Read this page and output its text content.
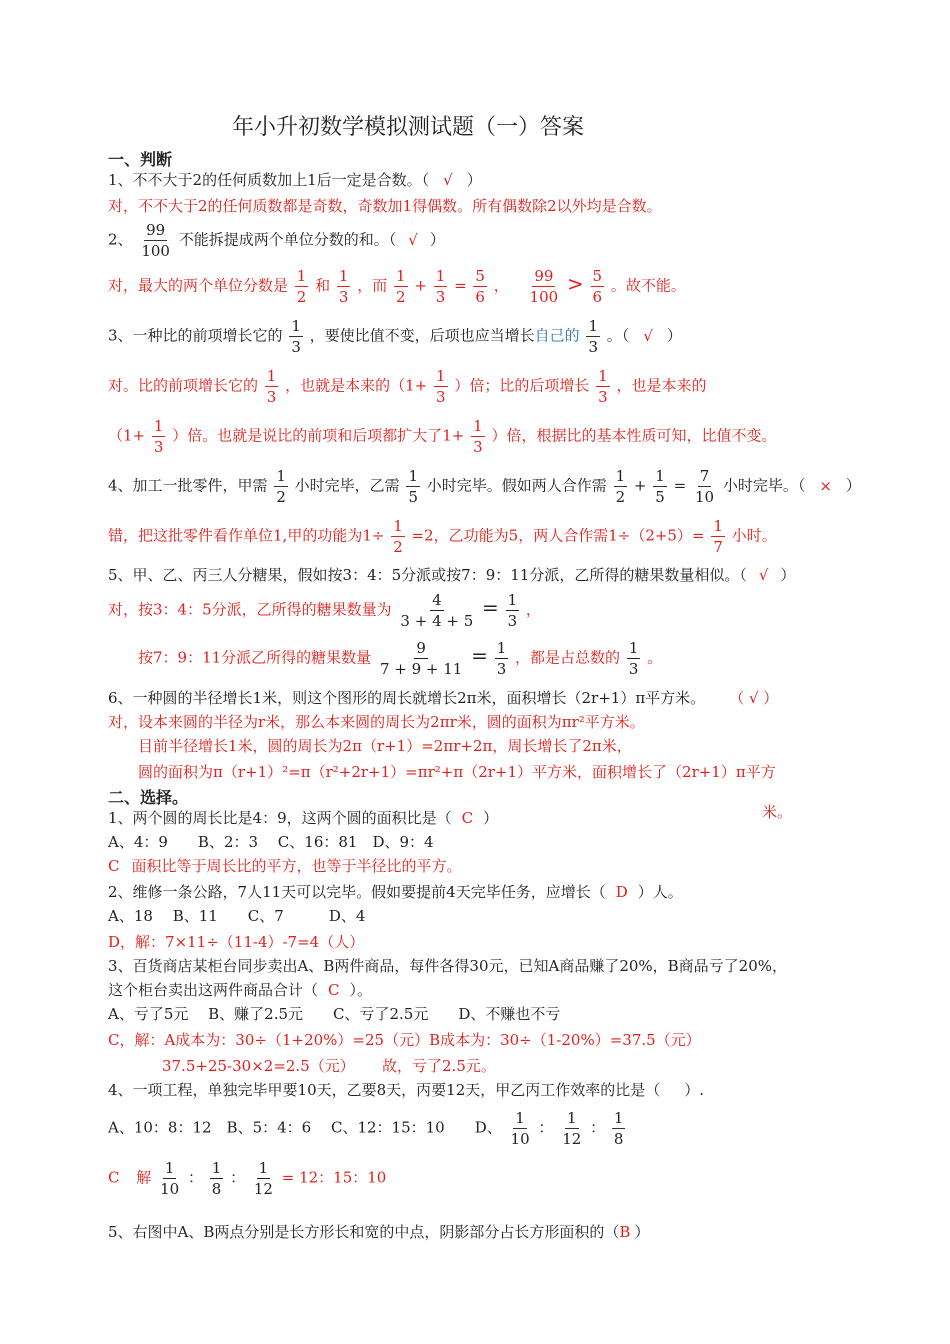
年小升初数学模拟测试题（一）答案
一、判断
1、不不大于2的任何质数加上1后一定是合数。（ √ ）
对，不不大于2的任何质数都是奇数，奇数加1得偶数。所有偶数除2以外均是合数。
2、 $\frac{99}{100}$ 不能拆提成两个单位分数的和。（ √ ）
对，最大的两个单位分数是 $\frac{1}{2}$ 和 $\frac{1}{3}$ ，而 $\frac{1}{2} + \frac{1}{3} = \frac{5}{6}$ ， $\frac{99}{100} > \frac{5}{6}$ 。故不能。
3、一种比的前项增长它的 $\frac{1}{3}$ ，要使比值不变，后项也应当增长自己的 $\frac{1}{3}$ 。（ √ ）
对。比的前项增长它的 $\frac{1}{3}$ ，也就是本来的（$1+ \frac{1}{3}$ ）倍；比的后项增长 $\frac{1}{3}$ ，也是本来的
（$1+ \frac{1}{3}$ ）倍。也就是说比的前项和后项都扩大了$1+ \frac{1}{3}$ ）倍，根据比的基本性质可知，比值不变。
4、加工一批零件，甲需 $\frac{1}{2}$ 小时完毕，乙需 $\frac{1}{5}$ 小时完毕。假如两人合作需 $\frac{1}{2} + \frac{1}{5} = \frac{7}{10}$ 小时完毕。（ × ）
错，把这批零件看作单位1,甲的功能为$1\div \frac{1}{2} =2$，乙功能为5，两人合作需$1\div(2+5)= \frac{1}{7}$ 小时。
5、甲、乙、丙三人分糖果，假如按3：4：5分派或按7：9：11分派，乙所得的糖果数量相似。（ √ ）
对，按3：4：5分派，乙所得的糖果数量为 $\frac{4}{3 + 4 + 5} = \frac{1}{3}$ ，
按7：9：11分派乙所得的糖果数量 $\frac{9}{7 + 9 + 11} = \frac{1}{3}$ ，都是占总数的 $\frac{1}{3}$ 。
6、一种圆的半径增长1米，则这个图形的周长就增长2π米，面积增长（2r+1）π平方米。 （ √ ）
对，设本来圆的半径为r米，那么本来圆的周长为2πr米，圆的面积为πr²平方米。
目前半径增长1米，圆的周长为2π（r+1）=2πr+2π，周长增长了2π米，
圆的面积为π（r+1）²=π（r²+2r+1）=πr²+π（2r+1）平方米，面积增长了（2r+1）π平方
米。
二、选择。
1、两个圆的周长比是4：9，这两个圆的面积比是（ C ）
A、4：9　　B、2：3　 C、16：81　D、9：4
C 面积比等于周长比的平方，也等于半径比的平方。
2、维修一条公路，7人11天可以完毕。假如要提前4天完毕任务，应增长（ D ）人。
A、18　 B、11　　C、7　　　D、4
D，解：7×11÷（11-4）-7=4（人）
3、百货商店某柜台同步卖出A、B两件商品，每件各得30元，已知A商品赚了20%，B商品亏了20%，
这个柜台卖出这两件商品合计（ C ）。
A、亏了5元　 B、赚了2.5元　　C、亏了2.5元　　D、不赚也不亏
C，解：A成本为：30÷（1+20%）=25（元）B成本为：30÷（1-20%）=37.5（元）
37.5+25-30×2=2.5（元）　　 故，亏了2.5元。
4、一项工程，单独完毕甲要10天，乙要8天，丙要12天，甲乙丙工作效率的比是（ ）.
A、10：8：12　B、5：4：6　 C、12：15：10　　D、 $\frac{1}{10}$ ： $\frac{1}{12}$ ： $\frac{1}{8}$
C 解 $\frac{1}{10}$ ： $\frac{1}{8}$ ： $\frac{1}{12} = 12$：15：10
5、右图中A、B两点分别是长方形长和宽的中点，阴影部分占长方形面积的（B ）
